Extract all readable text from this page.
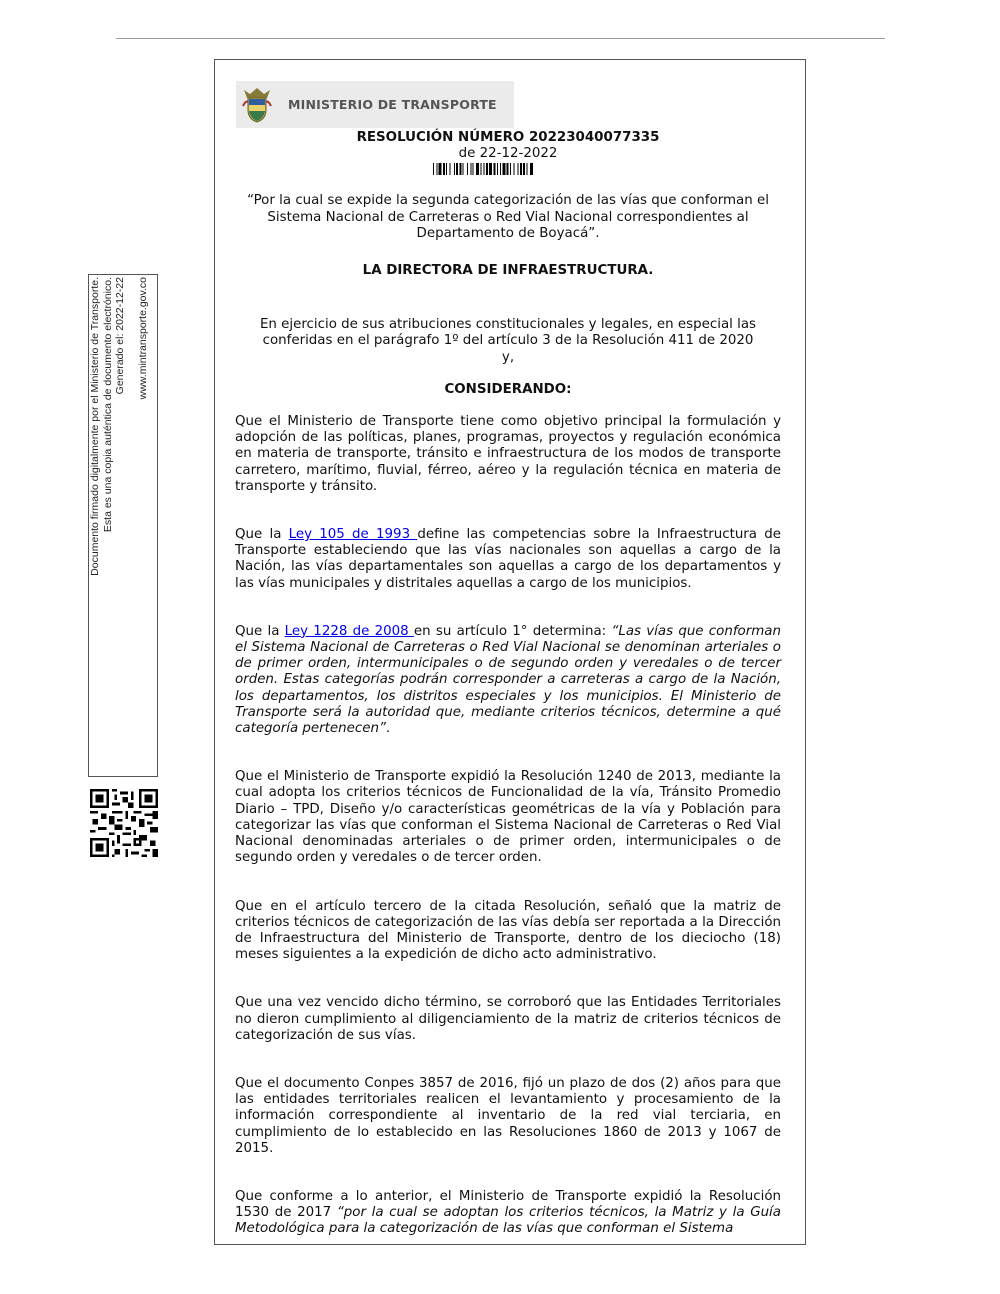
Documento firmado digitalmente por el Ministerio de Transporte.
Esta es una copia auténtica de documento electrónico.
Generado el: 2022-12-22 www.mintransporte.gov.co
MINISTERIO DE TRANSPORTE
RESOLUCIÓN NÚMERO 20223040077335
de 22-12-2022
“Por la cual se expide la segunda categorización de las vías que conforman el Sistema Nacional de Carreteras o Red Vial Nacional correspondientes al Departamento de Boyacá”.
LA DIRECTORA DE INFRAESTRUCTURA.
En ejercicio de sus atribuciones constitucionales y legales, en especial las conferidas en el parágrafo 1º del artículo 3 de la Resolución 411 de 2020 y,
CONSIDERANDO:

Que el Ministerio de Transporte tiene como objetivo principal la formulación y adopción de las políticas, planes, programas, proyectos y regulación económica en materia de transporte, tránsito e infraestructura de los modos de transporte carretero, marítimo, fluvial, férreo, aéreo y la regulación técnica en materia de transporte y tránsito.

Que la Ley 105 de 1993 define las competencias sobre la Infraestructura de Transporte estableciendo que las vías nacionales son aquellas a cargo de la Nación, las vías departamentales son aquellas a cargo de los departamentos y las vías municipales y distritales aquellas a cargo de los municipios.

Que la Ley 1228 de 2008 en su artículo 1° determina: “Las vías que conforman el Sistema Nacional de Carreteras o Red Vial Nacional se denominan arteriales o de primer orden, intermunicipales o de segundo orden y veredales o de tercer orden. Estas categorías podrán corresponder a carreteras a cargo de la Nación, los departamentos, los distritos especiales y los municipios. El Ministerio de Transporte será la autoridad que, mediante criterios técnicos, determine a qué categoría pertenecen”.

Que el Ministerio de Transporte expidió la Resolución 1240 de 2013, mediante la cual adopta los criterios técnicos de Funcionalidad de la vía, Tránsito Promedio Diario – TPD, Diseño y/o características geométricas de la vía y Población para categorizar las vías que conforman el Sistema Nacional de Carreteras o Red Vial Nacional denominadas arteriales o de primer orden, intermunicipales o de segundo orden y veredales o de tercer orden.

Que en el artículo tercero de la citada Resolución, señaló que la matriz de criterios técnicos de categorización de las vías debía ser reportada a la Dirección de Infraestructura del Ministerio de Transporte, dentro de los dieciocho (18) meses siguientes a la expedición de dicho acto administrativo.

Que una vez vencido dicho término, se corroboró que las Entidades Territoriales no dieron cumplimiento al diligenciamiento de la matriz de criterios técnicos de categorización de sus vías.

Que el documento Conpes 3857 de 2016, fijó un plazo de dos (2) años para que las entidades territoriales realicen el levantamiento y procesamiento de la información correspondiente al inventario de la red vial terciaria, en cumplimiento de lo establecido en las Resoluciones 1860 de 2013 y 1067 de 2015.

Que conforme a lo anterior, el Ministerio de Transporte expidió la Resolución 1530 de 2017 “por la cual se adoptan los criterios técnicos, la Matriz y la Guía Metodológica para la categorización de las vías que conforman el Sistema
